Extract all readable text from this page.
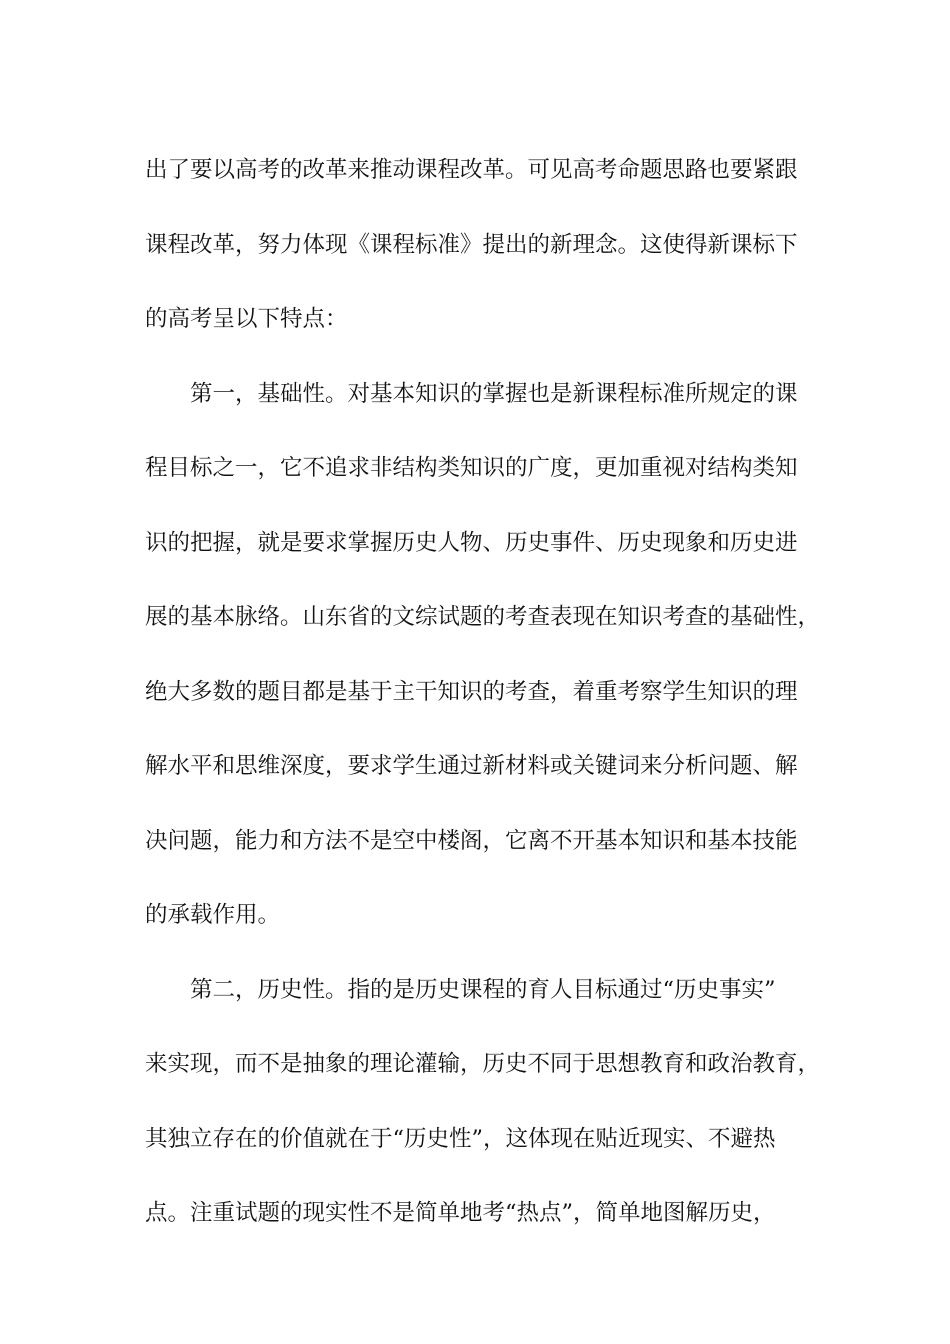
出了要以高考的改革来推动课程改革。可见高考命题思路也要紧跟
课程改革，努力体现《课程标准》提出的新理念。这使得新课标下
的高考呈以下特点：
第一，基础性。对基本知识的掌握也是新课程标准所规定的课
程目标之一，它不追求非结构类知识的广度，更加重视对结构类知
识的把握，就是要求掌握历史人物、历史事件、历史现象和历史进
展的基本脉络。山东省的文综试题的考查表现在知识考查的基础性，
绝大多数的题目都是基于主干知识的考查，着重考察学生知识的理
解水平和思维深度，要求学生通过新材料或关键词来分析问题、解
决问题，能力和方法不是空中楼阁，它离不开基本知识和基本技能
的承载作用。
第二，历史性。指的是历史课程的育人目标通过“历史事实”
来实现，而不是抽象的理论灌输，历史不同于思想教育和政治教育，
其独立存在的价值就在于“历史性”，这体现在贴近现实、不避热
点。注重试题的现实性不是简单地考“热点”，简单地图解历史，
